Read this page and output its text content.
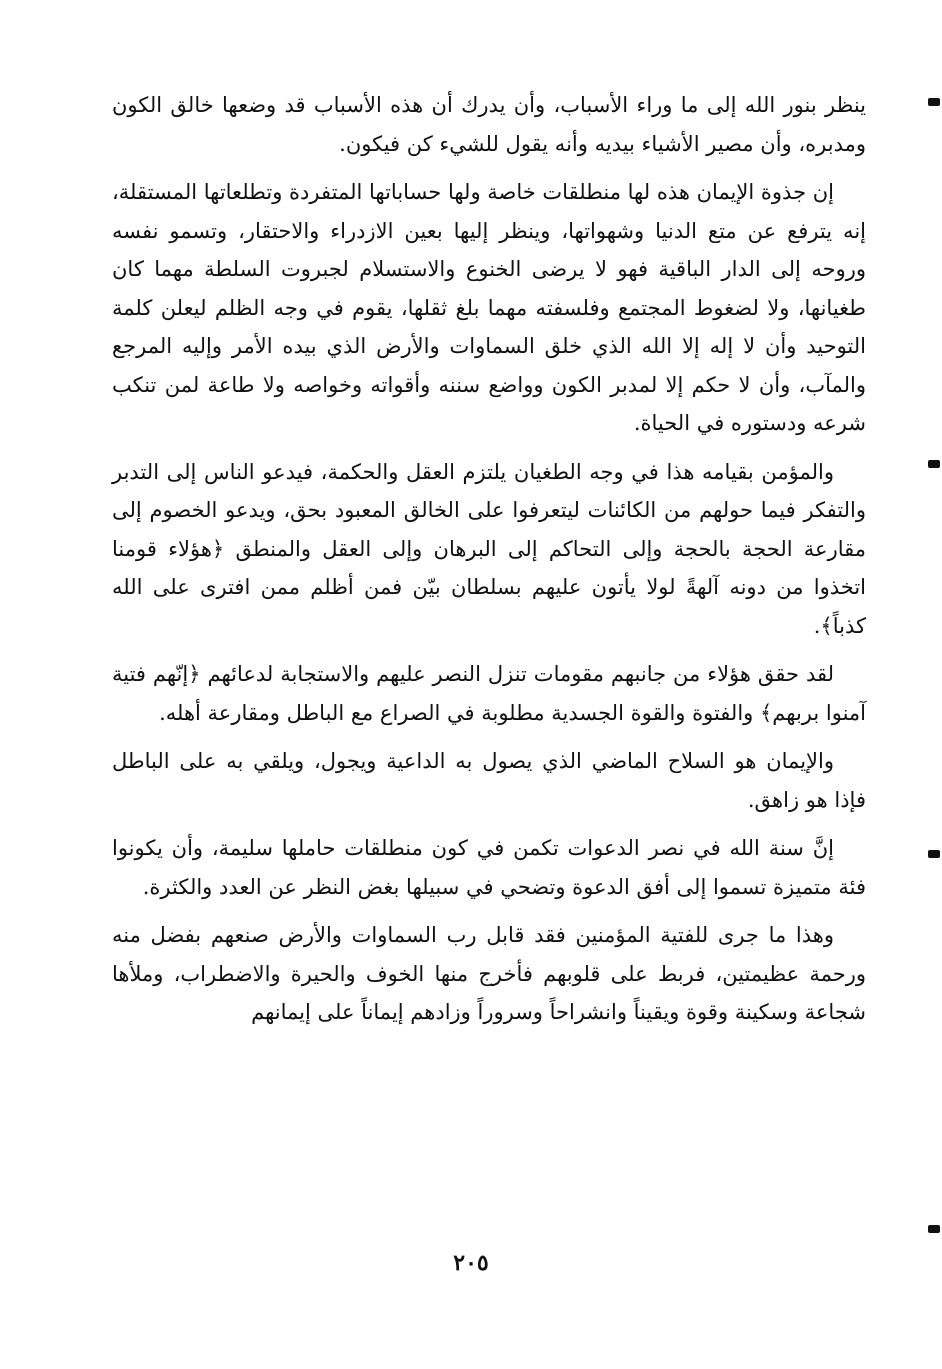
ينظر بنور الله إلى ما وراء الأسباب، وأن يدرك أن هذه الأسباب قد وضعها خالق الكون ومدبره، وأن مصير الأشياء بيديه وأنه يقول للشيء كن فيكون.

إن جذوة الإيمان هذه لها منطلقات خاصة ولها حساباتها المتفردة وتطلعاتها المستقلة، إنه يترفع عن متع الدنيا وشهواتها، وينظر إليها بعين الازدراء والاحتقار، وتسمو نفسه وروحه إلى الدار الباقية فهو لا يرضى الخنوع والاستسلام لجبروت السلطة مهما كان طغيانها، ولا لضغوط المجتمع وفلسفته مهما بلغ ثقلها، يقوم في وجه الظلم ليعلن كلمة التوحيد وأن لا إله إلا الله الذي خلق السماوات والأرض الذي بيده الأمر وإليه المرجع والمآب، وأن لا حكم إلا لمدبر الكون وواضع سننه وأقواته وخواصه ولا طاعة لمن تنكب شرعه ودستوره في الحياة.

والمؤمن بقيامه هذا في وجه الطغيان يلتزم العقل والحكمة، فيدعو الناس إلى التدبر والتفكر فيما حولهم من الكائنات ليتعرفوا على الخالق المعبود بحق، ويدعو الخصوم إلى مقارعة الحجة بالحجة وإلى التحاكم إلى البرهان وإلى العقل والمنطق ﴿هؤلاء قومنا اتخذوا من دونه آلهةً لولا يأتون عليهم بسلطان بيّن فمن أظلم ممن افترى على الله كذباً﴾.

لقد حقق هؤلاء من جانبهم مقومات تنزل النصر عليهم والاستجابة لدعائهم ﴿إنّهم فتية آمنوا بربهم﴾ والفتوة والقوة الجسدية مطلوبة في الصراع مع الباطل ومقارعة أهله.

والإيمان هو السلاح الماضي الذي يصول به الداعية ويجول، ويلقي به على الباطل فإذا هو زاهق.

إنَّ سنة الله في نصر الدعوات تكمن في كون منطلقات حاملها سليمة، وأن يكونوا فئة متميزة تسموا إلى أفق الدعوة وتضحي في سبيلها بغض النظر عن العدد والكثرة.

وهذا ما جرى للفتية المؤمنين فقد قابل رب السماوات والأرض صنعهم بفضل منه ورحمة عظيمتين، فربط على قلوبهم فأخرج منها الخوف والحيرة والاضطراب، وملأها شجاعة وسكينة وقوة ويقيناً وانشراحاً وسروراً وزادهم إيماناً على إيمانهم

٢٠٥
